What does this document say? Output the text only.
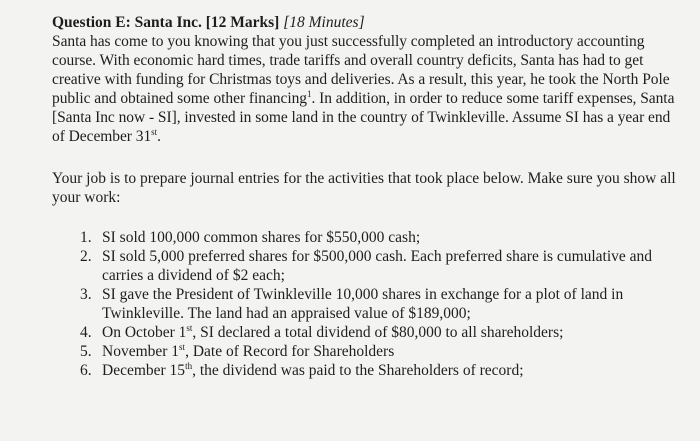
Question E: Santa Inc. [12 Marks] [18 Minutes]

Santa has come to you knowing that you just successfully completed an introductory accounting course. With economic hard times, trade tariffs and overall country deficits, Santa has had to get creative with funding for Christmas toys and deliveries. As a result, this year, he took the North Pole public and obtained some other financing$^1$. In addition, in order to reduce some tariff expenses, Santa [Santa Inc now - SI], invested in some land in the country of Twinkleville. Assume SI has a year end of December 31st.

Your job is to prepare journal entries for the activities that took place below. Make sure you show all your work:

1. SI sold 100,000 common shares for $550,000 cash;
2. SI sold 5,000 preferred shares for $500,000 cash. Each preferred share is cumulative and carries a dividend of $2 each;
3. SI gave the President of Twinkleville 10,000 shares in exchange for a plot of land in Twinkleville. The land had an appraised value of $189,000;
4. On October 1st, SI declared a total dividend of $80,000 to all shareholders;
5. November 1st, Date of Record for Shareholders
6. December 15th, the dividend was paid to the Shareholders of record;
